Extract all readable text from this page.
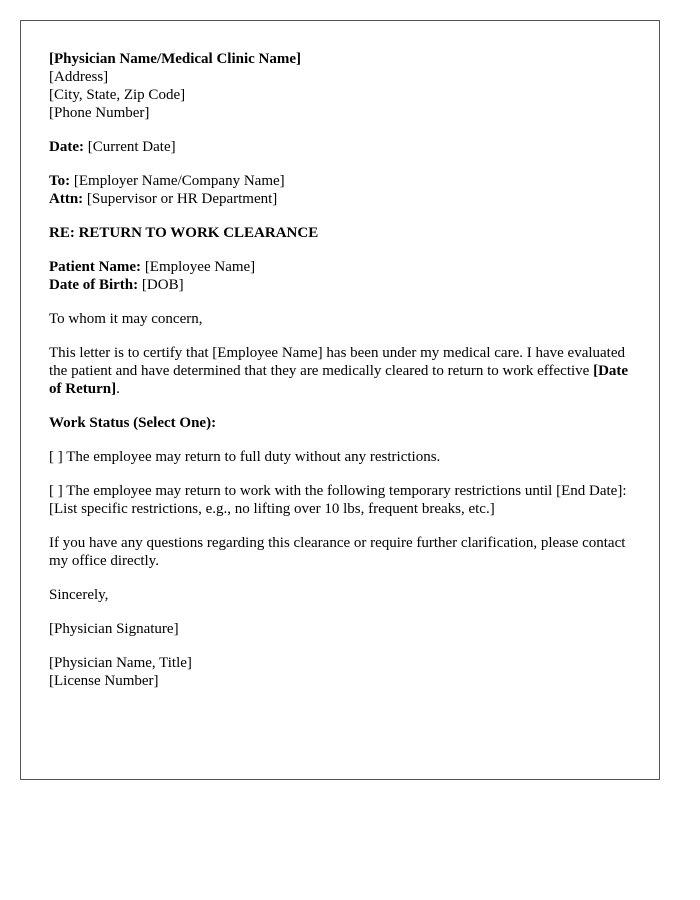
[Physician Name/Medical Clinic Name]
[Address]
[City, State, Zip Code]
[Phone Number]
Date: [Current Date]
To: [Employer Name/Company Name]
Attn: [Supervisor or HR Department]
RE: RETURN TO WORK CLEARANCE
Patient Name: [Employee Name]
Date of Birth: [DOB]
To whom it may concern,
This letter is to certify that [Employee Name] has been under my medical care. I have evaluated the patient and have determined that they are medically cleared to return to work effective [Date of Return].
Work Status (Select One):
[ ] The employee may return to full duty without any restrictions.
[ ] The employee may return to work with the following temporary restrictions until [End Date]:
[List specific restrictions, e.g., no lifting over 10 lbs, frequent breaks, etc.]
If you have any questions regarding this clearance or require further clarification, please contact my office directly.
Sincerely,
[Physician Signature]
[Physician Name, Title]
[License Number]
